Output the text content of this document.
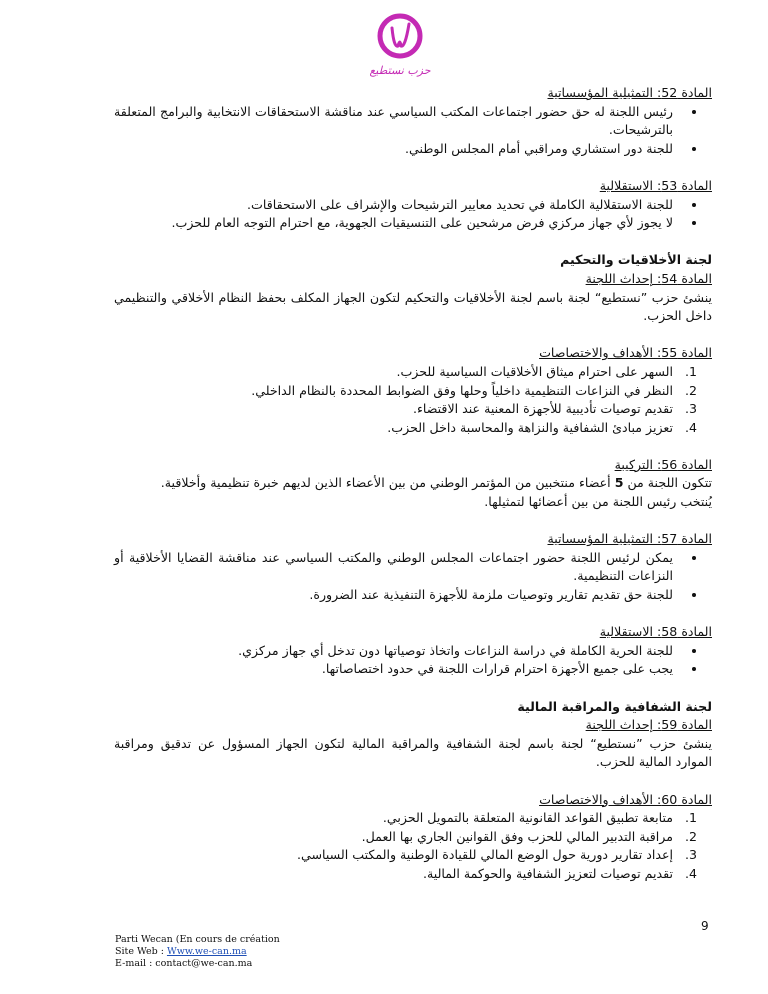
حزب نستطيع

المادة 52: التمثيلية المؤسساتية

• رئيس اللجنة له حق حضور اجتماعات المكتب السياسي عند مناقشة الاستحقاقات الانتخابية والبرامج المتعلقة بالترشيحات.
• للجنة دور استشاري ومراقبي أمام المجلس الوطني.

المادة 53: الاستقلالية

• للجنة الاستقلالية الكاملة في تحديد معايير الترشيحات والإشراف على الاستحقاقات.
• لا يجوز لأي جهاز مركزي فرض مرشحين على التنسيقيات الجهوية، مع احترام التوجه العام للحزب.

لجنة الأخلاقيات والتحكيم

المادة 54: إحداث اللجنة

ينشئ حزب ”نستطيع“ لجنة باسم لجنة الأخلاقيات والتحكيم لتكون الجهاز المكلف بحفظ النظام الأخلاقي والتنظيمي داخل الحزب.

المادة 55: الأهداف والاختصاصات

1. السهر على احترام ميثاق الأخلاقيات السياسية للحزب.
2. النظر في النزاعات التنظيمية داخلياً وحلها وفق الضوابط المحددة بالنظام الداخلي.
3. تقديم توصيات تأديبية للأجهزة المعنية عند الاقتضاء.
4. تعزيز مبادئ الشفافية والنزاهة والمحاسبة داخل الحزب.

المادة 56: التركيبة

تتكون اللجنة من 5 أعضاء منتخبين من المؤتمر الوطني من بين الأعضاء الذين لديهم خبرة تنظيمية وأخلاقية.

يُنتخب رئيس اللجنة من بين أعضائها لتمثيلها.

المادة 57: التمثيلية المؤسساتية

• يمكن لرئيس اللجنة حضور اجتماعات المجلس الوطني والمكتب السياسي عند مناقشة القضايا الأخلاقية أو النزاعات التنظيمية.
• للجنة حق تقديم تقارير وتوصيات ملزمة للأجهزة التنفيذية عند الضرورة.

المادة 58: الاستقلالية

• للجنة الحرية الكاملة في دراسة النزاعات واتخاذ توصياتها دون تدخل أي جهاز مركزي.
• يجب على جميع الأجهزة احترام قرارات اللجنة في حدود اختصاصاتها.

لجنة الشفافية والمراقبة المالية

المادة 59: إحداث اللجنة

ينشئ حزب ”نستطيع“ لجنة باسم لجنة الشفافية والمراقبة المالية لتكون الجهاز المسؤول عن تدقيق ومراقبة الموارد المالية للحزب.

المادة 60: الأهداف والاختصاصات

1. متابعة تطبيق القواعد القانونية المتعلقة بالتمويل الحزبي.
2. مراقبة التدبير المالي للحزب وفق القوانين الجاري بها العمل.
3. إعداد تقارير دورية حول الوضع المالي للقيادة الوطنية والمكتب السياسي.
4. تقديم توصيات لتعزيز الشفافية والحوكمة المالية.
9
Parti Wecan (En cours de création
Site Web : Www.we-can.ma
E-mail : contact@we-can.ma
